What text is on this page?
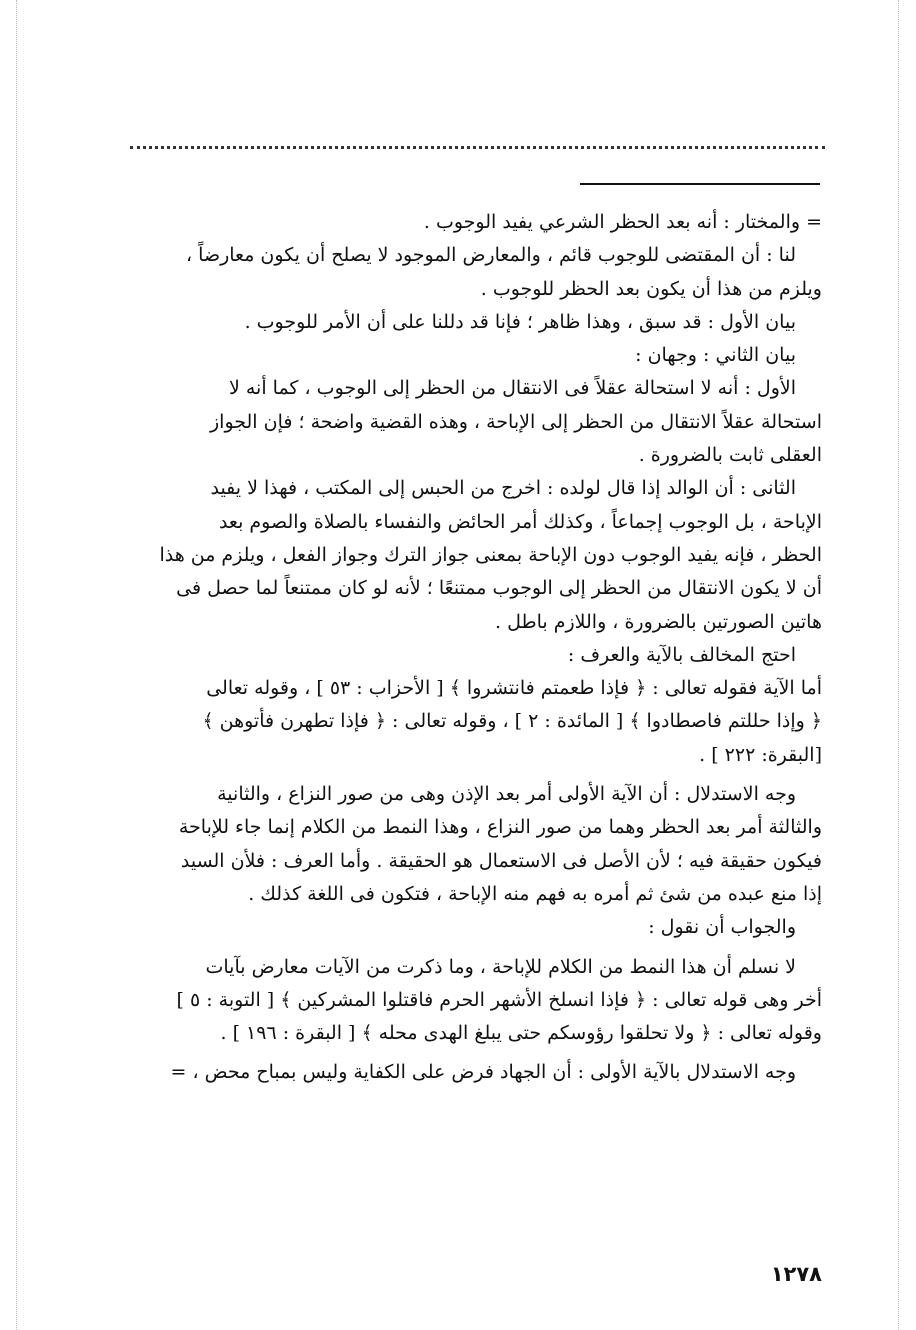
= والمختار : أنه بعد الحظر الشرعي يفيد الوجوب .

لنا : أن المقتضى للوجوب قائم ، والمعارض الموجود لا يصلح أن يكون معارضاً ،

ويلزم من هذا أن يكون بعد الحظر للوجوب .

بيان الأول : قد سبق ، وهذا ظاهر ؛ فإنا قد دللنا على أن الأمر للوجوب .

بيان الثاني : وجهان :

الأول : أنه لا استحالة عقلاً فى الانتقال من الحظر إلى الوجوب ، كما أنه لا

استحالة عقلاً الانتقال من الحظر إلى الإباحة ، وهذه القضية واضحة ؛ فإن الجواز

العقلى ثابت بالضرورة .

الثانى : أن الوالد إذا قال لولده : اخرج من الحبس إلى المكتب ، فهذا لا يفيد

الإباحة ، بل الوجوب إجماعاً ، وكذلك أمر الحائض والنفساء بالصلاة والصوم بعد

الحظر ، فإنه يفيد الوجوب دون الإباحة بمعنى جواز الترك وجواز الفعل ، ويلزم من هذا

أن لا يكون الانتقال من الحظر إلى الوجوب ممتنعًا ؛ لأنه لو كان ممتنعاً لما حصل فى

هاتين الصورتين بالضرورة ، واللازم باطل .

احتج المخالف بالآية والعرف :

أما الآية فقوله تعالى : ﴿ فإذا طعمتم فانتشروا ﴾ [ الأحزاب : ٥٣ ] ، وقوله تعالى

﴿ وإذا حللتم فاصطادوا ﴾ [ المائدة : ٢ ] ، وقوله تعالى : ﴿ فإذا تطهرن فأتوهن ﴾

[البقرة: ٢٢٢ ] .

وجه الاستدلال : أن الآية الأولى أمر بعد الإذن وهى من صور النزاع ، والثانية

والثالثة أمر بعد الحظر وهما من صور النزاع ، وهذا النمط من الكلام إنما جاء للإباحة

فيكون حقيقة فيه ؛ لأن الأصل فى الاستعمال هو الحقيقة . وأما العرف : فلأن السيد

إذا منع عبده من شئ ثم أمره به فهم منه الإباحة ، فتكون فى اللغة كذلك .

والجواب أن نقول :

لا نسلم أن هذا النمط من الكلام للإباحة ، وما ذكرت من الآيات معارض بآيات

أخر وهى قوله تعالى : ﴿ فإذا انسلخ الأشهر الحرم فاقتلوا المشركين ﴾ [ التوبة : ٥ ]

وقوله تعالى : ﴿ ولا تحلقوا رؤوسكم حتى يبلغ الهدى محله ﴾ [ البقرة : ١٩٦ ] .

وجه الاستدلال بالآية الأولى : أن الجهاد فرض على الكفاية وليس بمباح محض ، =

١٢٧٨
